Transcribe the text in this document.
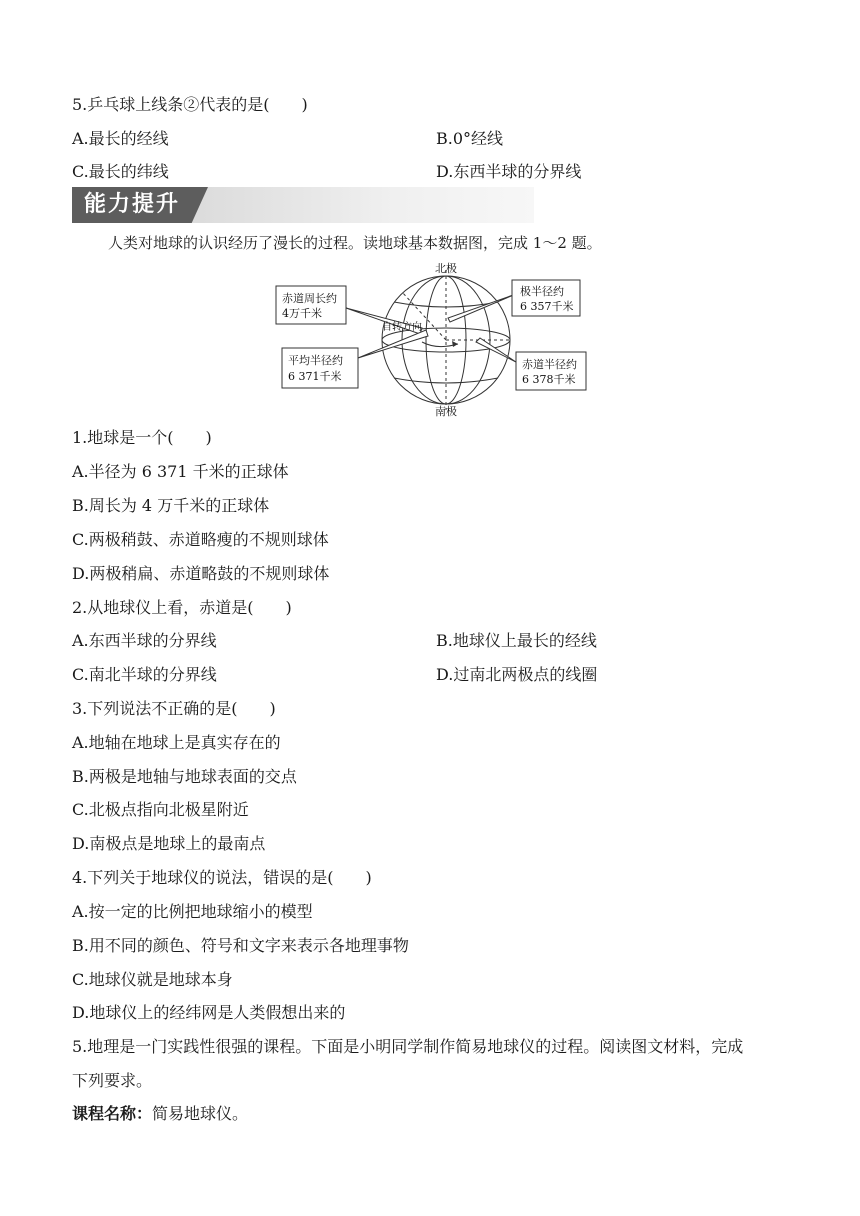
5.乒乓球上线条②代表的是(　　)
A.最长的经线	B.0°经线
C.最长的纬线	D.东西半球的分界线
能力提升
人类对地球的认识经历了漫长的过程。读地球基本数据图，完成 1～2 题。
赤道周长约
4万千米
平均半径约
6 371千米
极半径约
6 357千米
赤道半径约
6 378千米
北极
南极
自转方向
1.地球是一个(　　)
A.半径为 6 371 千米的正球体
B.周长为 4 万千米的正球体
C.两极稍鼓、赤道略瘦的不规则球体
D.两极稍扁、赤道略鼓的不规则球体
2.从地球仪上看，赤道是(　　)
A.东西半球的分界线	B.地球仪上最长的经线
C.南北半球的分界线	D.过南北两极点的线圈
3.下列说法不正确的是(　　)
A.地轴在地球上是真实存在的
B.两极是地轴与地球表面的交点
C.北极点指向北极星附近
D.南极点是地球上的最南点
4.下列关于地球仪的说法，错误的是(　　)
A.按一定的比例把地球缩小的模型
B.用不同的颜色、符号和文字来表示各地理事物
C.地球仪就是地球本身
D.地球仪上的经纬网是人类假想出来的
5.地理是一门实践性很强的课程。下面是小明同学制作简易地球仪的过程。阅读图文材料，完成
下列要求。
课程名称：简易地球仪。
